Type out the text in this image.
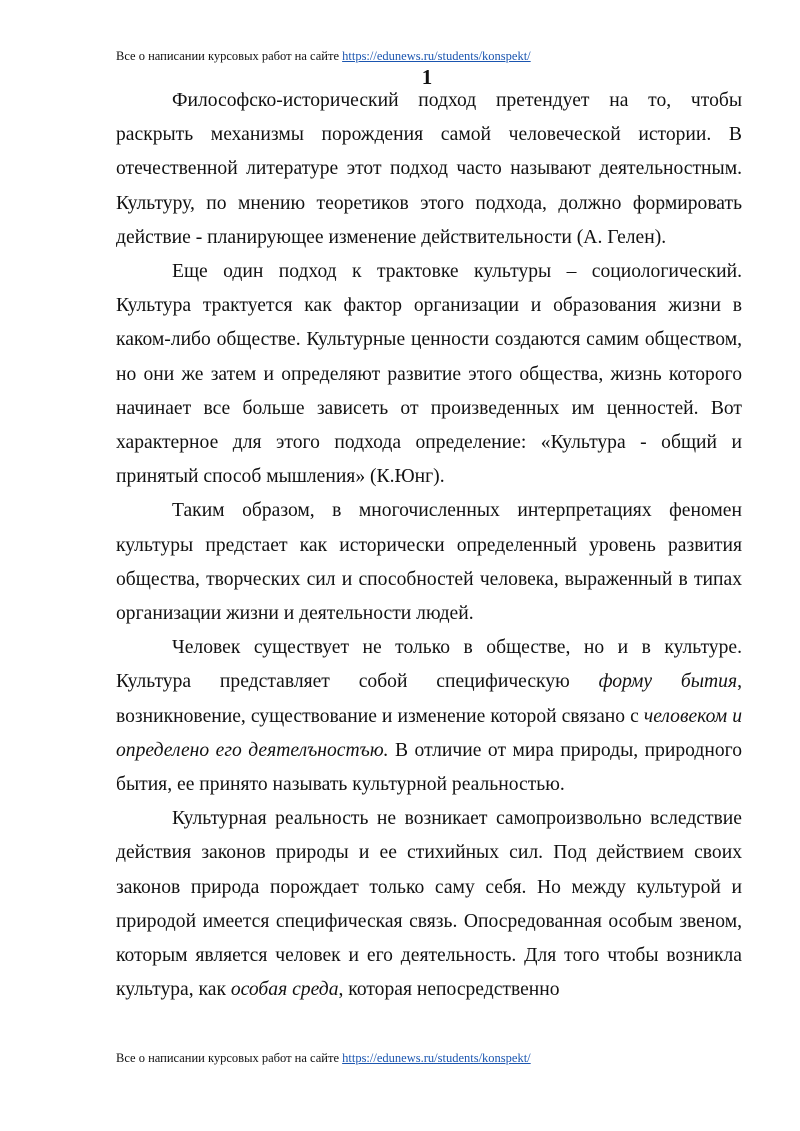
Все о написании курсовых работ на сайте https://edunews.ru/students/konspekt/
1

Философско-исторический подход претендует на то, чтобы раскрыть механизмы порождения самой человеческой истории. В отечественной литературе этот подход часто называют деятельностным. Культуру, по мнению теоретиков этого подхода, должно формировать действие - планирующее изменение действительности (А. Гелен).

Еще один подход к трактовке культуры – социологический. Культура трактуется как фактор организации и образования жизни в каком-либо обществе. Культурные ценности создаются самим обществом, но они же затем и определяют развитие этого общества, жизнь которого начинает все больше зависеть от произведенных им ценностей. Вот характерное для этого подхода определение: «Культура - общий и принятый способ мышления» (К.Юнг).

Таким образом, в многочисленных интерпретациях феномен культуры предстает как исторически определенный уровень развития общества, творческих сил и способностей человека, выраженный в типах организации жизни и деятельности людей.

Человек существует не только в обществе, но и в культуре. Культура представляет собой специфическую форму бытия, возникновение, существование и изменение которой связано с человеком и определено его деятелъностъю. В отличие от мира природы, природного бытия, ее принято называть культурной реальностью.

Культурная реальность не возникает самопроизвольно вследствие действия законов природы и ее стихийных сил. Под действием своих законов природа порождает только саму себя. Но между культурой и природой имеется специфическая связь. Опосредованная особым звеном, которым является человек и его деятельность. Для того чтобы возникла культура, как особая среда, которая непосредственно

Все о написании курсовых работ на сайте https://edunews.ru/students/konspekt/
